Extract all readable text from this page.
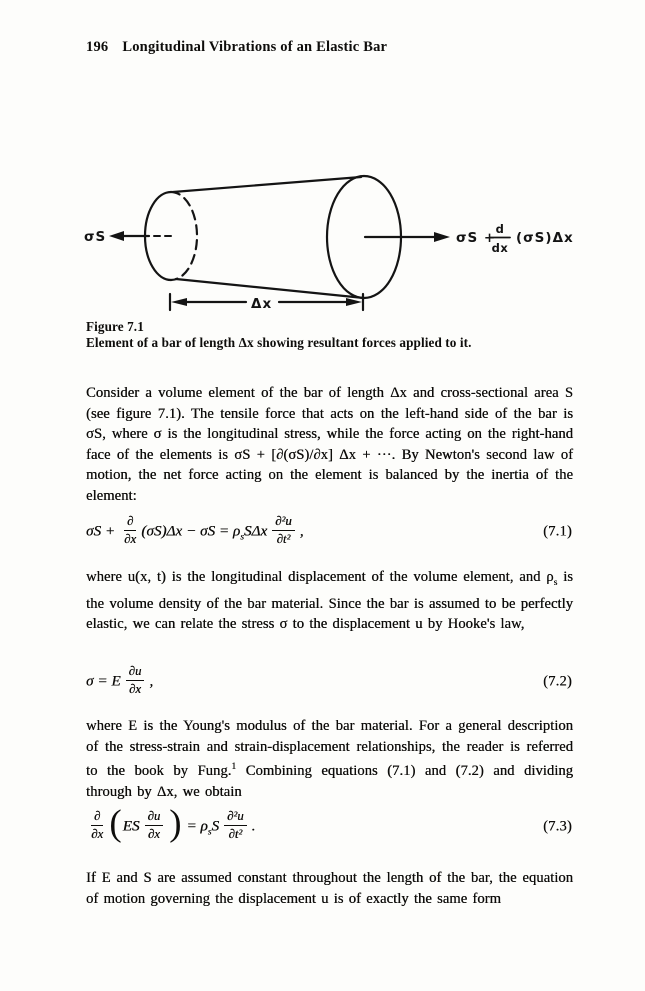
196 Longitudinal Vibrations of an Elastic Bar
σS	σS +
d
dx
(σS)Δx
Δx
Figure 7.1
Element of a bar of length Δx showing resultant forces applied to it.

Consider a volume element of the bar of length Δx and cross-sectional area S (see figure 7.1). The tensile force that acts on the left-hand side of the bar is σS, where σ is the longitudinal stress, while the force acting on the right-hand face of the elements is σS + [∂(σS)/∂x] Δx + ···. By Newton's second law of motion, the net force acting on the element is balanced by the inertia of the element:

$\sigma S + \frac{\partial}{\partial x} (\sigma S)\Delta x - \sigma S = \rho_sS\Delta x \frac{\text{∂²u}}{\text{∂t²}}$ ,	(7.1)

where u(x, t) is the longitudinal displacement of the volume element, and $\rho_s$ is the volume density of the bar material. Since the bar is assumed to be perfectly elastic, we can relate the stress σ to the displacement u by Hooke's law,

σ = E $\frac{\partial u}{\partial x}$ ,	(7.2)

where E is the Young's modulus of the bar material. For a general description of the stress-strain and strain-displacement relationships, the reader is referred to the book by Fung.$^1$ Combining equations (7.1) and (7.2) and dividing through by Δx, we obtain

$\frac{\partial}{\partial x} (ES \frac{\partial u}{\partial x}$ ) = $\rho_sS \frac{\text{∂²u}}{\text{∂t²}}$ .	(7.3)

If E and S are assumed constant throughout the length of the bar, the equation of motion governing the displacement u is of exactly the same form
